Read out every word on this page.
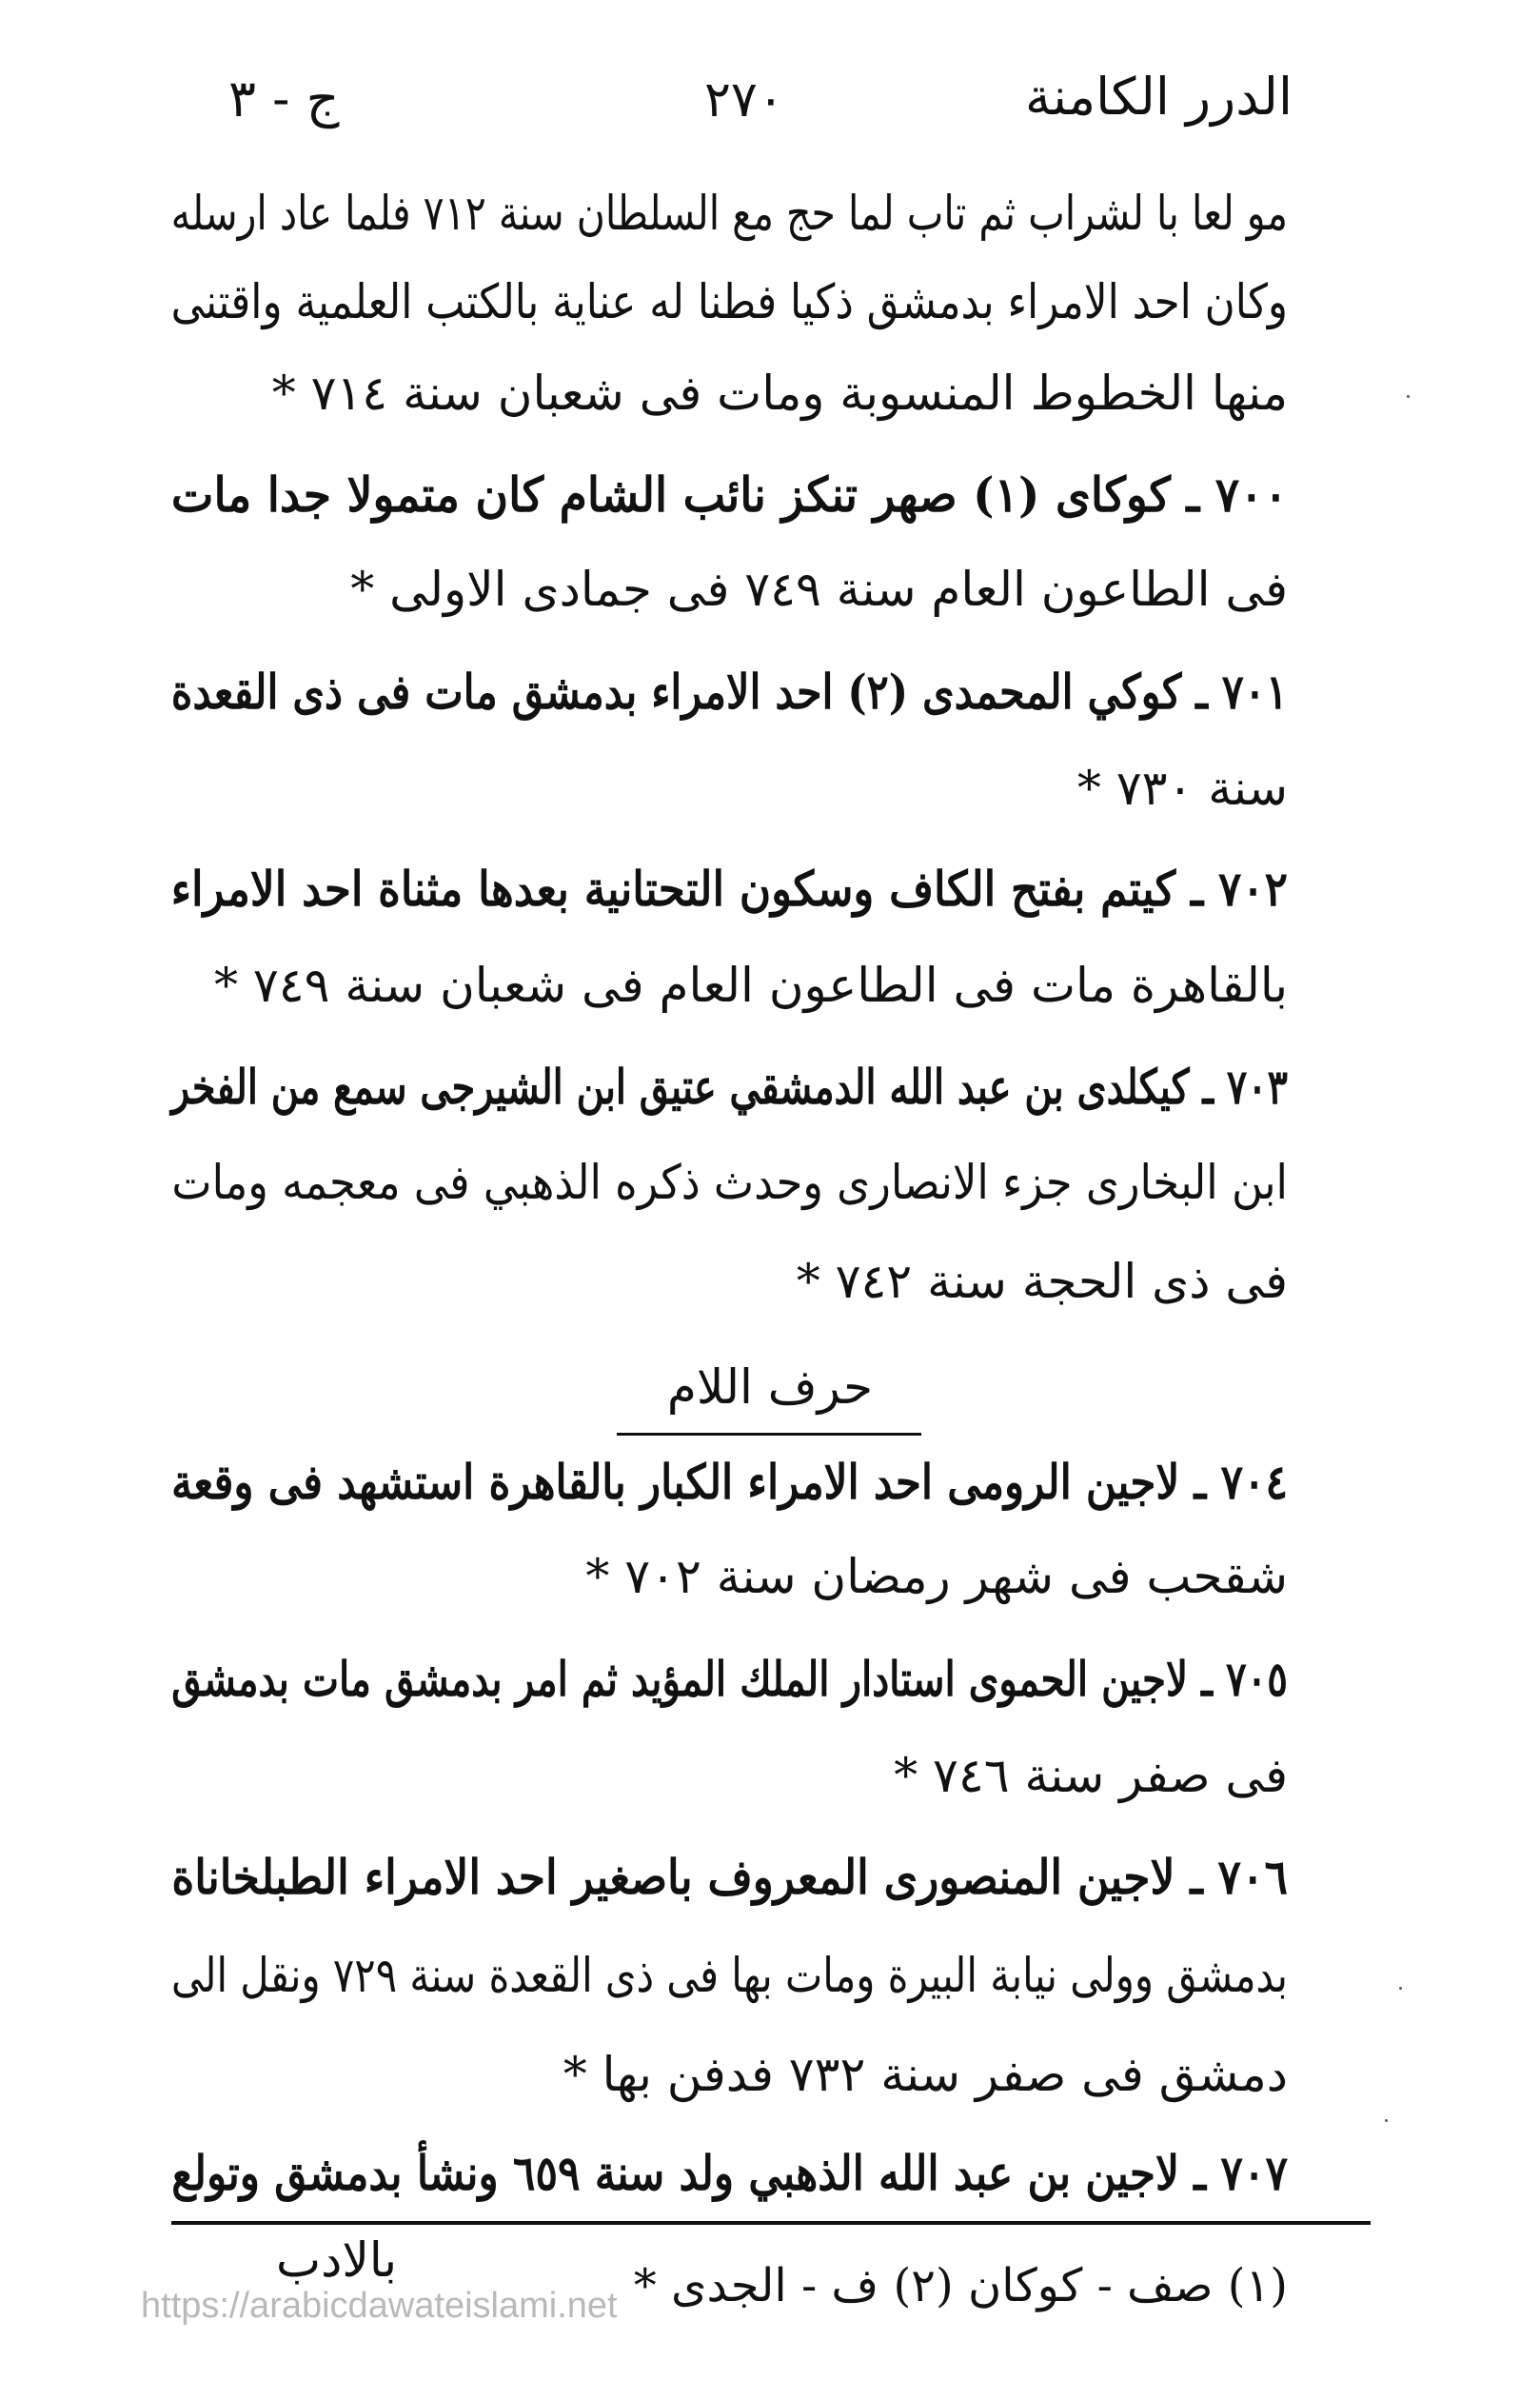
الدرر الكامنة
٢٧٠
ج - ٣
مو لعا با لشراب ثم تاب لما حج مع السلطان سنة ٧١٢ فلما عاد ارسله
وكان احد الامراء بدمشق ذكيا فطنا له عناية بالكتب العلمية واقتنى
منها الخطوط المنسوبة ومات فى شعبان سنة ٧١٤ *
٧٠٠ ـ كوكاى (١) صهر تنكز نائب الشام كان متمولا جدا مات
فى الطاعون العام سنة ٧٤٩ فى جمادى الاولى *
٧٠١ ـ كوكي المحمدى (٢) احد الامراء بدمشق مات فى ذى القعدة
سنة ٧٣٠ *
٧٠٢ ـ كيتم بفتح الكاف وسكون التحتانية بعدها مثناة احد الامراء
بالقاهرة مات فى الطاعون العام فى شعبان سنة ٧٤٩ *
٧٠٣ ـ كيكلدى بن عبد الله الدمشقي عتيق ابن الشيرجى سمع من الفخر
ابن البخارى جزء الانصارى وحدث ذكره الذهبي فى معجمه ومات
فى ذى الحجة سنة ٧٤٢ *
حرف اللام
٧٠٤ ـ لاجين الرومى احد الامراء الكبار بالقاهرة استشهد فى وقعة
شقحب فى شهر رمضان سنة ٧٠٢ *
٧٠٥ ـ لاجين الحموى استادار الملك المؤيد ثم امر بدمشق مات بدمشق
فى صفر سنة ٧٤٦ *
٧٠٦ ـ لاجين المنصورى المعروف باصغير احد الامراء الطبلخاناة
بدمشق وولى نيابة البيرة ومات بها فى ذى القعدة سنة ٧٢٩ ونقل الى
دمشق فى صفر سنة ٧٣٢ فدفن بها *
٧٠٧ ـ لاجين بن عبد الله الذهبي ولد سنة ٦٥٩ ونشأ بدمشق وتولع
(١) صف - كوكان (٢) ف - الجدى *
بالادب
https://arabicdawateislami.net
